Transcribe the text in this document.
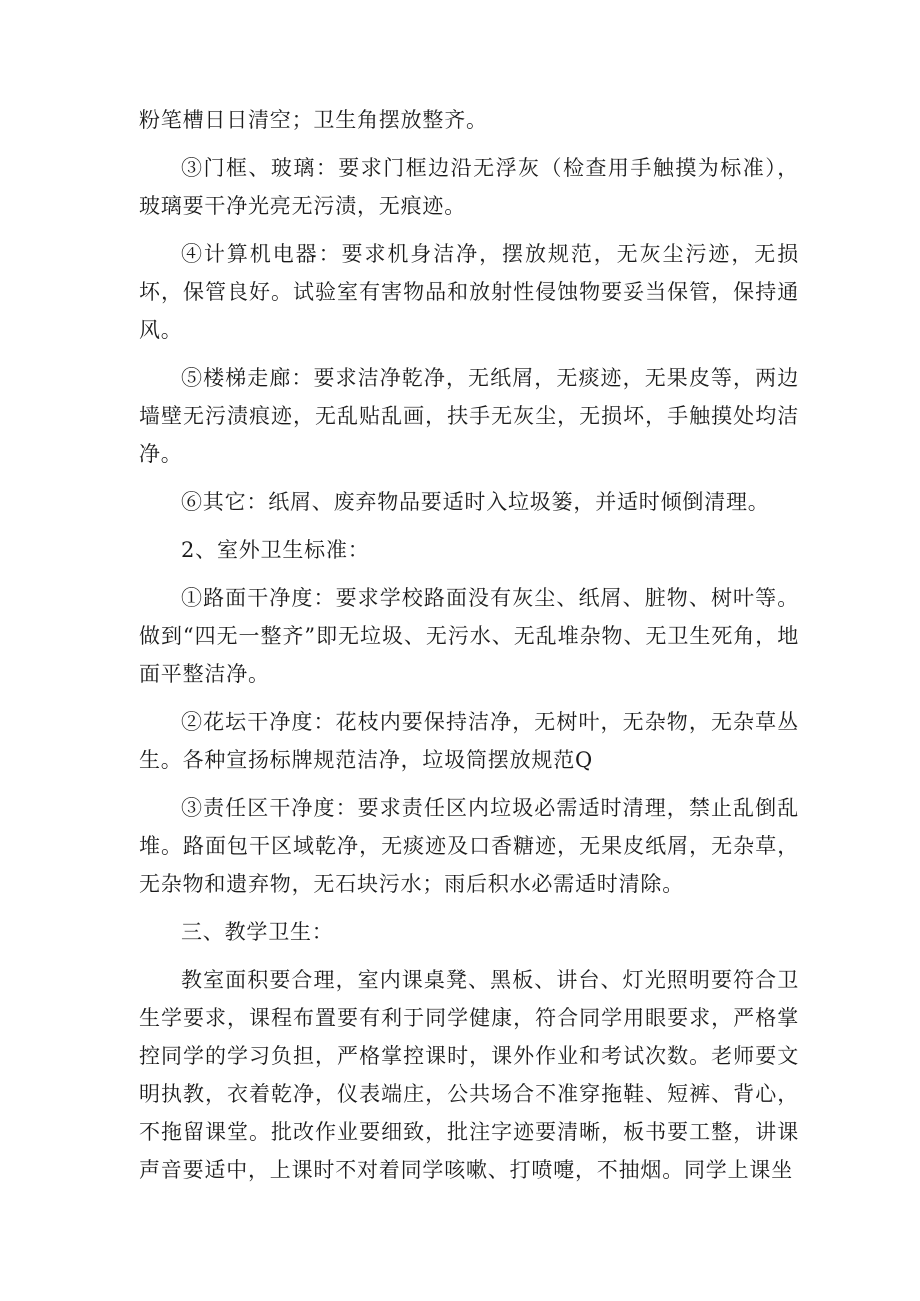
粉笔槽日日清空；卫生角摆放整齐。

③门框、玻璃：要求门框边沿无浮灰（检查用手触摸为标准），玻璃要干净光亮无污渍，无痕迹。

④计算机电器：要求机身洁净，摆放规范，无灰尘污迹，无损坏，保管良好。试验室有害物品和放射性侵蚀物要妥当保管，保持通风。

⑤楼梯走廊：要求洁净乾净，无纸屑，无痰迹，无果皮等，两边墙壁无污渍痕迹，无乱贴乱画，扶手无灰尘，无损坏，手触摸处均洁净。

⑥其它：纸屑、废弃物品要适时入垃圾篓，并适时倾倒清理。

2、室外卫生标准：

①路面干净度：要求学校路面没有灰尘、纸屑、脏物、树叶等。做到“四无一整齐”即无垃圾、无污水、无乱堆杂物、无卫生死角，地面平整洁净。

②花坛干净度：花枝内要保持洁净，无树叶，无杂物，无杂草丛生。各种宣扬标牌规范洁净，垃圾筒摆放规范Q

③责任区干净度：要求责任区内垃圾必需适时清理，禁止乱倒乱堆。路面包干区域乾净，无痰迹及口香糖迹，无果皮纸屑，无杂草，无杂物和遗弃物，无石块污水；雨后积水必需适时清除。

三、教学卫生：

教室面积要合理，室内课桌凳、黑板、讲台、灯光照明要符合卫生学要求，课程布置要有利于同学健康，符合同学用眼要求，严格掌控同学的学习负担，严格掌控课时，课外作业和考试次数。老师要文明执教，衣着乾净，仪表端庄，公共场合不准穿拖鞋、短裤、背心，不拖留课堂。批改作业要细致，批注字迹要清晰，板书要工整，讲课声音要适中，上课时不对着同学咳嗽、打喷嚏，不抽烟。同学上课坐
